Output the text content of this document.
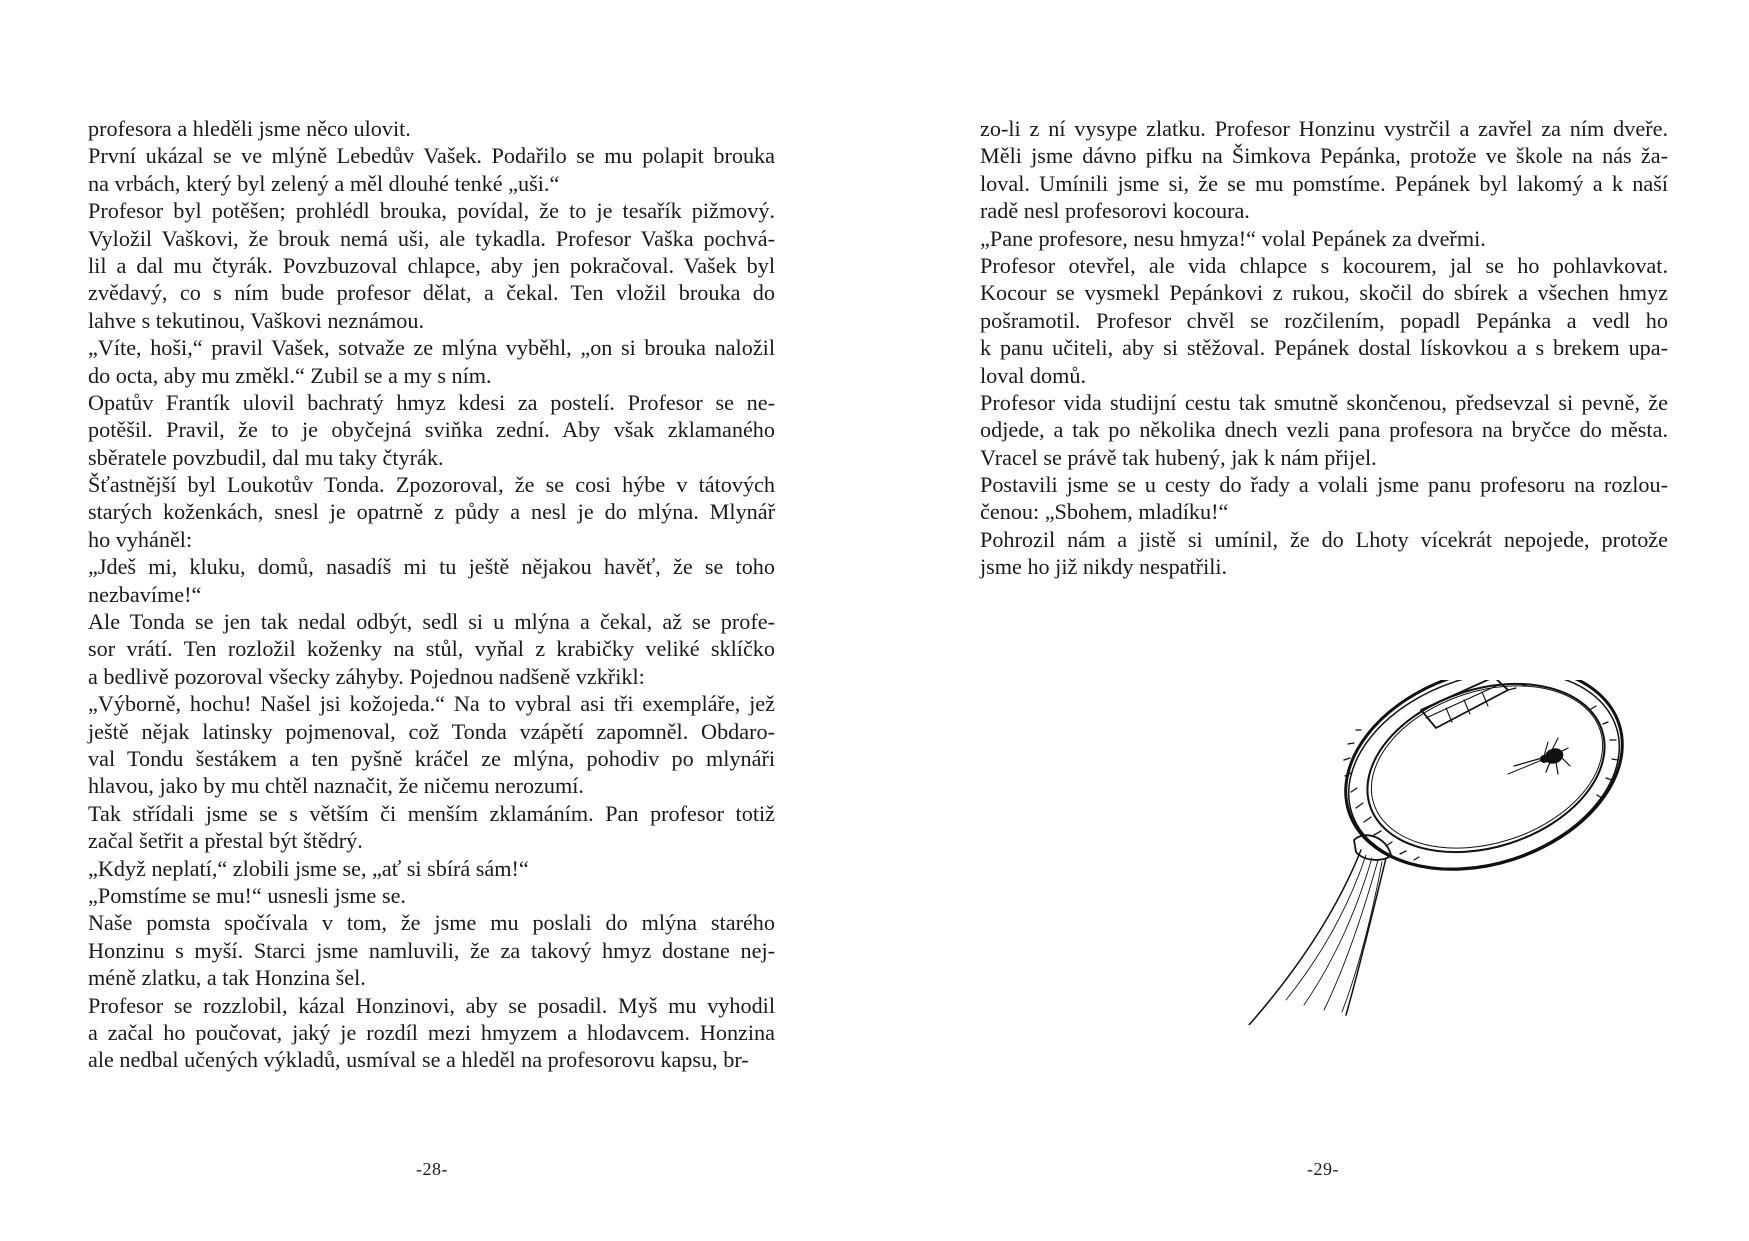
profesora a hleděli jsme něco ulovit.
První ukázal se ve mlýně Lebedův Vašek. Podařilo se mu polapit brouka
na vrbách, který byl zelený a měl dlouhé tenké „uši.“
Profesor byl potěšen; prohlédl brouka, povídal, že to je tesařík pižmový.
Vyložil Vaškovi, že brouk nemá uši, ale tykadla. Profesor Vaška pochvá-
lil a dal mu čtyrák. Povzbuzoval chlapce, aby jen pokračoval. Vašek byl
zvědavý, co s ním bude profesor dělat, a čekal. Ten vložil brouka do
lahve s tekutinou, Vaškovi neznámou.
„Víte, hoši,“ pravil Vašek, sotvaže ze mlýna vyběhl, „on si brouka naložil
do octa, aby mu změkl.“ Zubil se a my s ním.
Opatův Frantík ulovil bachratý hmyz kdesi za postelí. Profesor se ne-
potěšil. Pravil, že to je obyčejná sviňka zední. Aby však zklamaného
sběratele povzbudil, dal mu taky čtyrák.
Šťastnější byl Loukotův Tonda. Zpozoroval, že se cosi hýbe v tátových
starých koženkách, snesl je opatrně z půdy a nesl je do mlýna. Mlynář
ho vyháněl:
„Jdeš mi, kluku, domů, nasadíš mi tu ještě nějakou havěť, že se toho
nezbavíme!“
Ale Tonda se jen tak nedal odbýt, sedl si u mlýna a čekal, až se profe-
sor vrátí. Ten rozložil koženky na stůl, vyňal z krabičky veliké sklíčko
a bedlivě pozoroval všecky záhyby. Pojednou nadšeně vzkřikl:
„Výborně, hochu! Našel jsi kožojeda.“ Na to vybral asi tři exempláře, jež
ještě nějak latinsky pojmenoval, což Tonda vzápětí zapomněl. Obdaro-
val Tondu šestákem a ten pyšně kráčel ze mlýna, pohodiv po mlynáři
hlavou, jako by mu chtěl naznačit, že ničemu nerozumí.
Tak střídali jsme se s větším či menším zklamáním. Pan profesor totiž
začal šetřit a přestal být štědrý.
„Když neplatí,“ zlobili jsme se, „ať si sbírá sám!“
„Pomstíme se mu!“ usnesli jsme se.
Naše pomsta spočívala v tom, že jsme mu poslali do mlýna starého
Honzinu s myší. Starci jsme namluvili, že za takový hmyz dostane nej-
méně zlatku, a tak Honzina šel.
Profesor se rozzlobil, kázal Honzinovi, aby se posadil. Myš mu vyhodil
a začal ho poučovat, jaký je rozdíl mezi hmyzem a hlodavcem. Honzina
ale nedbal učených výkladů, usmíval se a hleděl na profesorovu kapsu, br-
-28-
zo-li z ní vysype zlatku. Profesor Honzinu vystrčil a zavřel za ním dveře.
Měli jsme dávno pifku na Šimkova Pepánka, protože ve škole na nás ža-
loval. Umínili jsme si, že se mu pomstíme. Pepánek byl lakomý a k naší
radě nesl profesorovi kocoura.
„Pane profesore, nesu hmyza!“ volal Pepánek za dveřmi.
Profesor otevřel, ale vida chlapce s kocourem, jal se ho pohlavkovat.
Kocour se vysmekl Pepánkovi z rukou, skočil do sbírek a všechen hmyz
pošramotil. Profesor chvěl se rozčilením, popadl Pepánka a vedl ho
k panu učiteli, aby si stěžoval. Pepánek dostal lískovkou a s brekem upa-
loval domů.
Profesor vida studijní cestu tak smutně skončenou, předsevzal si pevně, že
odjede, a tak po několika dnech vezli pana profesora na bryčce do města.
Vracel se právě tak hubený, jak k nám přijel.
Postavili jsme se u cesty do řady a volali jsme panu profesoru na rozlou-
čenou: „Sbohem, mladíku!“
Pohrozil nám a jistě si umínil, že do Lhoty vícekrát nepojede, protože
jsme ho již nikdy nespatřili.
-29-
